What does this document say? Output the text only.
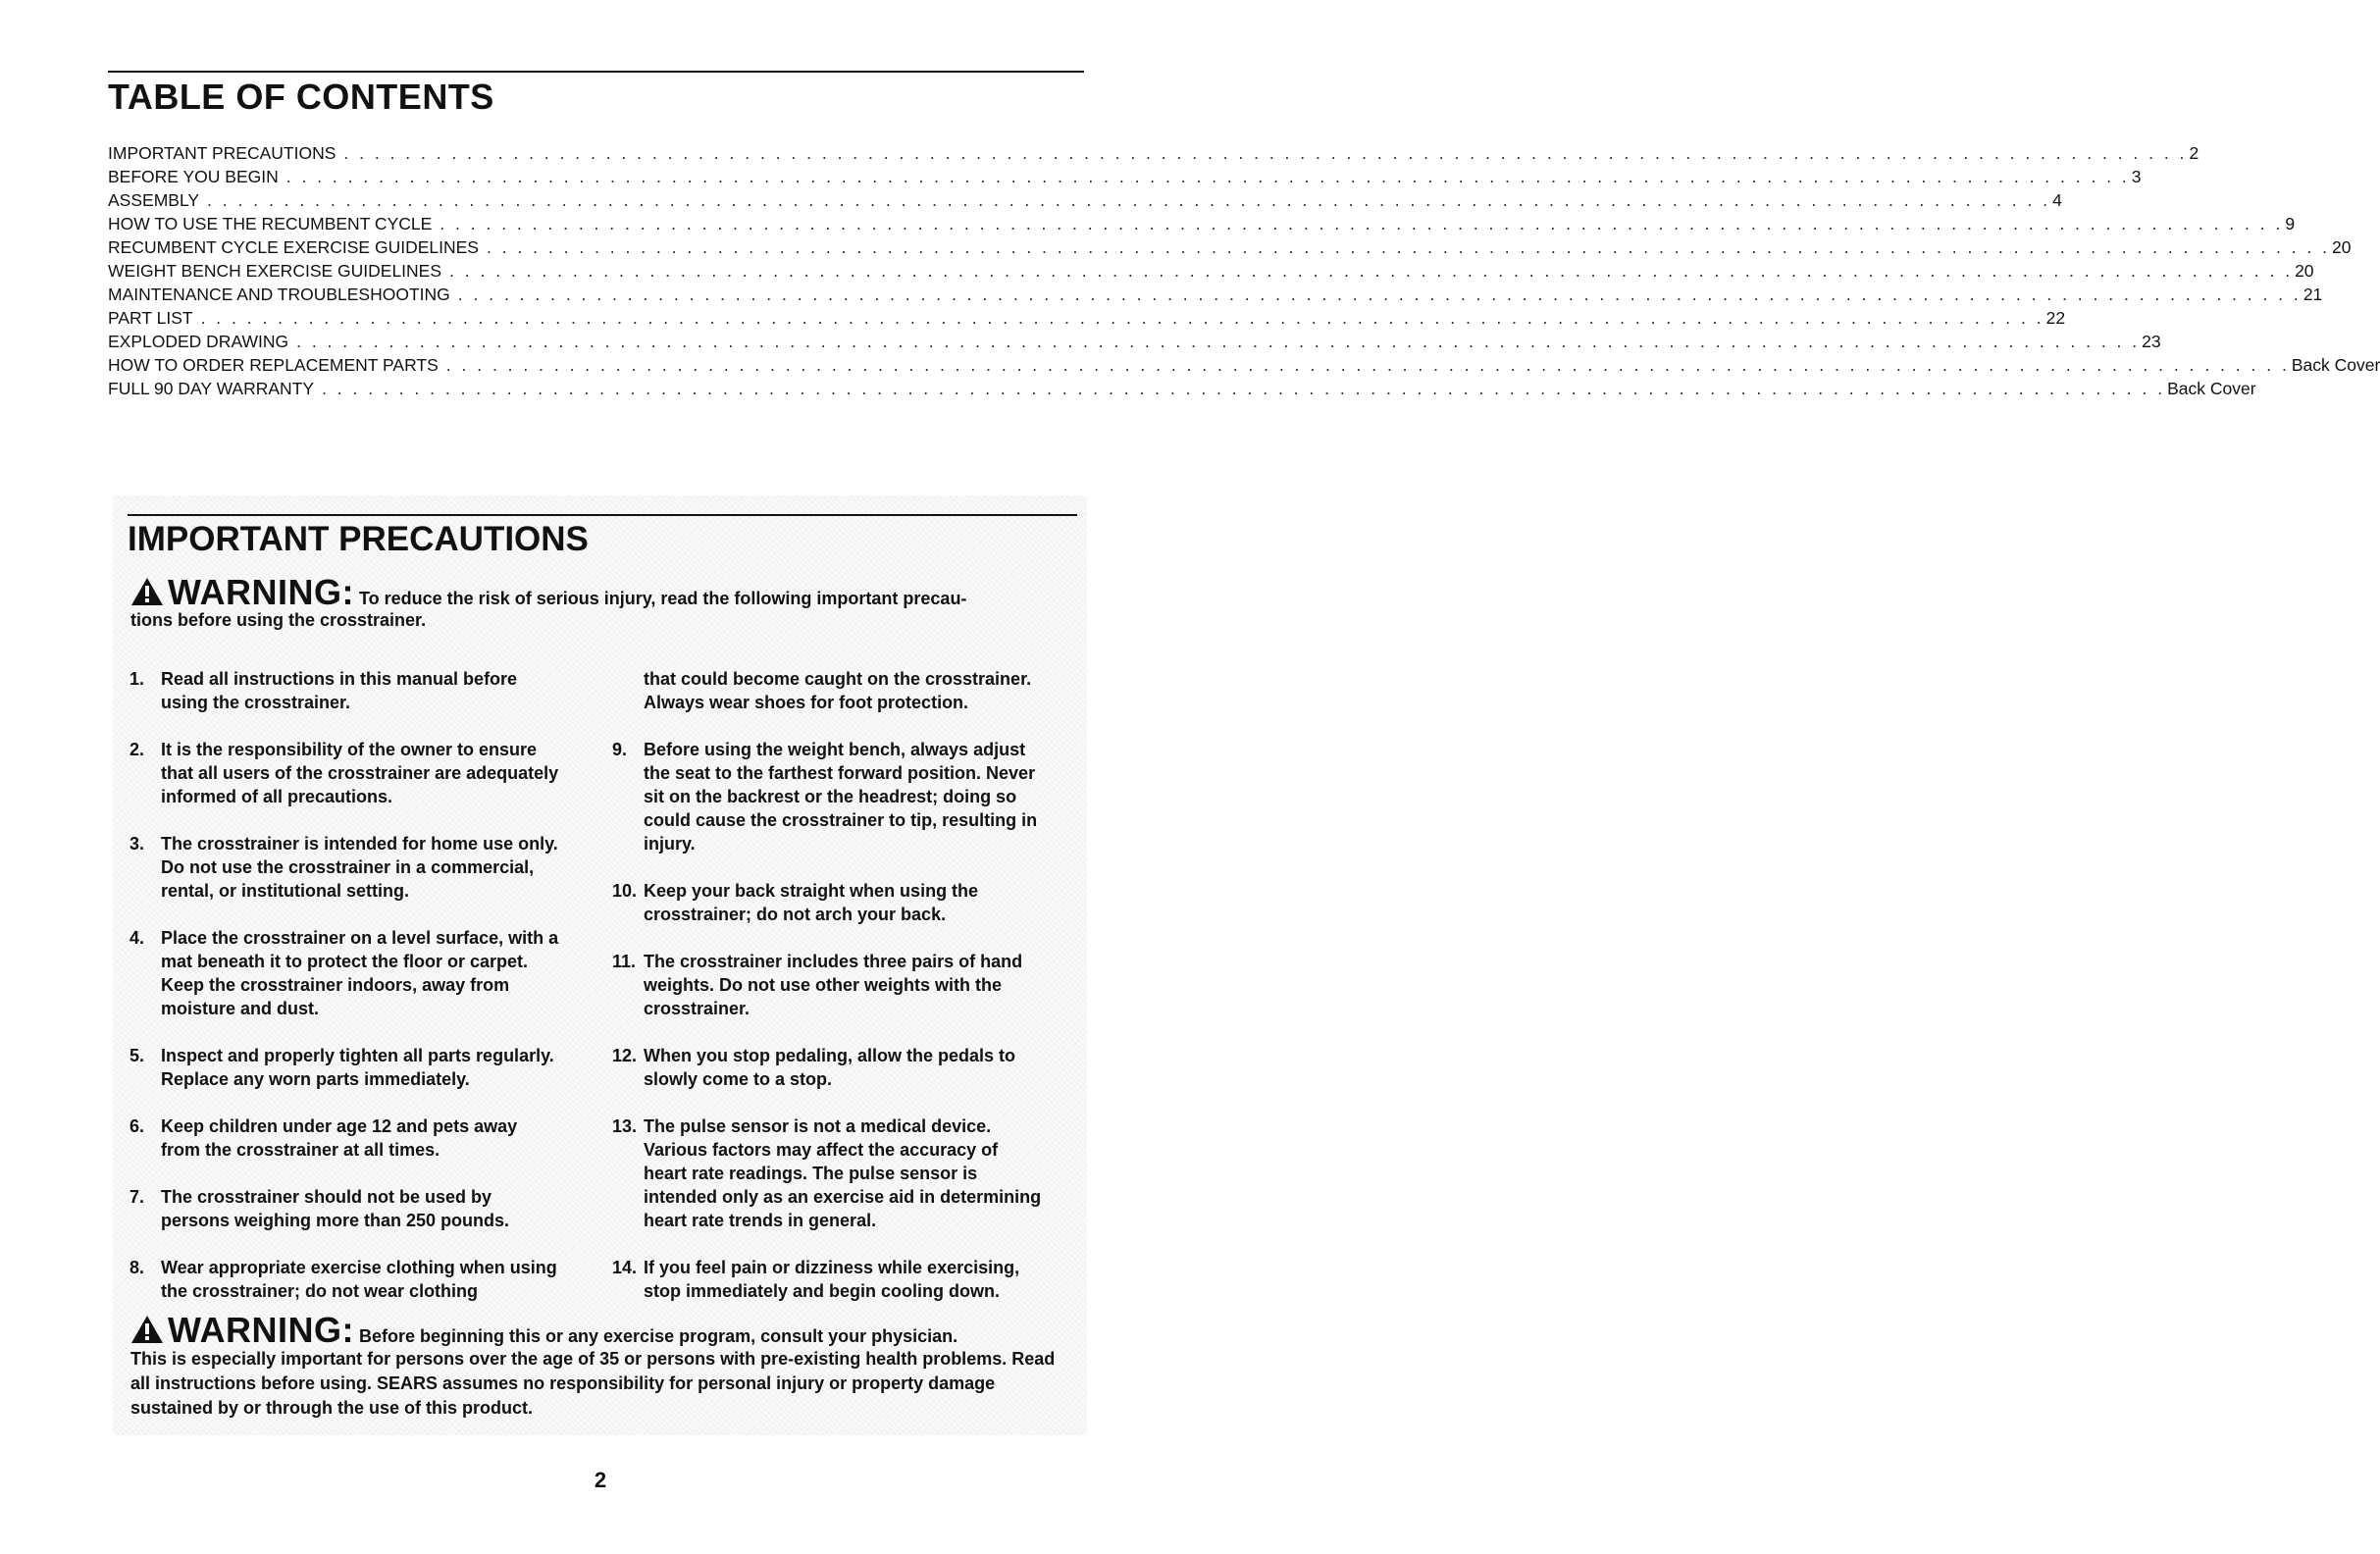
TABLE OF CONTENTS
IMPORTANT PRECAUTIONS . . . . . . . . . . . . . . . . . . . . . . . . . . . . . . . . . . . . . . . . . . . . . . . . . . . . . . . . . . . . . . . . . . . . . . . . . . . . . . . . . . . . . . . . . . . . . . . . . . . . . . . . . . . . . . . . . . . . . . . . 2
BEFORE YOU BEGIN . . . . . . . . . . . . . . . . . . . . . . . . . . . . . . . . . . . . . . . . . . . . . . . . . . . . . . . . . . . . . . . . . . . . . . . . . . . . . . . . . . . . . . . . . . . . . . . . . . . . . . . . . . . . . . . . . . . . . . . . 3
ASSEMBLY . . . . . . . . . . . . . . . . . . . . . . . . . . . . . . . . . . . . . . . . . . . . . . . . . . . . . . . . . . . . . . . . . . . . . . . . . . . . . . . . . . . . . . . . . . . . . . . . . . . . . . . . . . . . . . . . . . . . . . . . 4
HOW TO USE THE RECUMBENT CYCLE . . . . . . . . . . . . . . . . . . . . . . . . . . . . . . . . . . . . . . . . . . . . . . . . . . . . . . . . . . . . . . . . . . . . . . . . . . . . . . . . . . . . . . . . . . . . . . . . . . . . . . . . . . . . . . . . . . . . . . . . 9
RECUMBENT CYCLE EXERCISE GUIDELINES . . . . . . . . . . . . . . . . . . . . . . . . . . . . . . . . . . . . . . . . . . . . . . . . . . . . . . . . . . . . . . . . . . . . . . . . . . . . . . . . . . . . . . . . . . . . . . . . . . . . . . . . . . . . . . . . . . . . . . . . 20
WEIGHT BENCH EXERCISE GUIDELINES . . . . . . . . . . . . . . . . . . . . . . . . . . . . . . . . . . . . . . . . . . . . . . . . . . . . . . . . . . . . . . . . . . . . . . . . . . . . . . . . . . . . . . . . . . . . . . . . . . . . . . . . . . . . . . . . . . . . . . . . 20
MAINTENANCE AND TROUBLESHOOTING . . . . . . . . . . . . . . . . . . . . . . . . . . . . . . . . . . . . . . . . . . . . . . . . . . . . . . . . . . . . . . . . . . . . . . . . . . . . . . . . . . . . . . . . . . . . . . . . . . . . . . . . . . . . . . . . . . . . . . . . 21
PART LIST . . . . . . . . . . . . . . . . . . . . . . . . . . . . . . . . . . . . . . . . . . . . . . . . . . . . . . . . . . . . . . . . . . . . . . . . . . . . . . . . . . . . . . . . . . . . . . . . . . . . . . . . . . . . . . . . . . . . . . . . 22
EXPLODED DRAWING . . . . . . . . . . . . . . . . . . . . . . . . . . . . . . . . . . . . . . . . . . . . . . . . . . . . . . . . . . . . . . . . . . . . . . . . . . . . . . . . . . . . . . . . . . . . . . . . . . . . . . . . . . . . . . . . . . . . . . . . 23
HOW TO ORDER REPLACEMENT PARTS . . . . . . . . . . . . . . . . . . . . . . . . . . . . . . . . . . . . . . . . . . . . . . . . . . . . . . . . . . . . . . . . . . . . . . . . . . . . . . . . . . . . . . . . . . . . . . . . . . . . . . . . . . . . . . . . . . . . . . . . Back Cover
FULL 90 DAY WARRANTY . . . . . . . . . . . . . . . . . . . . . . . . . . . . . . . . . . . . . . . . . . . . . . . . . . . . . . . . . . . . . . . . . . . . . . . . . . . . . . . . . . . . . . . . . . . . . . . . . . . . . . . . . . . . . . . . . . . . . . . . Back Cover
IMPORTANT PRECAUTIONS
WARNING: To reduce the risk of serious injury, read the following important precau-
tions before using the crosstrainer.
1. Read all instructions in this manual before using the crosstrainer.
2. It is the responsibility of the owner to ensure that all users of the crosstrainer are adequately informed of all precautions.
3. The crosstrainer is intended for home use only. Do not use the crosstrainer in a commercial, rental, or institutional setting.
4. Place the crosstrainer on a level surface, with a mat beneath it to protect the floor or carpet. Keep the crosstrainer indoors, away from moisture and dust.
5. Inspect and properly tighten all parts regularly. Replace any worn parts immediately.
6. Keep children under age 12 and pets away from the crosstrainer at all times.
7. The crosstrainer should not be used by persons weighing more than 250 pounds.
8. Wear appropriate exercise clothing when using the crosstrainer; do not wear clothing
that could become caught on the crosstrainer. Always wear shoes for foot protection.
9. Before using the weight bench, always adjust the seat to the farthest forward position. Never sit on the backrest or the headrest; doing so could cause the crosstrainer to tip, resulting in injury.
10. Keep your back straight when using the crosstrainer; do not arch your back.
11. The crosstrainer includes three pairs of hand weights. Do not use other weights with the crosstrainer.
12. When you stop pedaling, allow the pedals to slowly come to a stop.
13. The pulse sensor is not a medical device. Various factors may affect the accuracy of heart rate readings. The pulse sensor is intended only as an exercise aid in determining heart rate trends in general.
14. If you feel pain or dizziness while exercising, stop immediately and begin cooling down.
WARNING: Before beginning this or any exercise program, consult your physician.
This is especially important for persons over the age of 35 or persons with pre-existing health problems. Read all instructions before using. SEARS assumes no responsibility for personal injury or property damage sustained by or through the use of this product.
2
